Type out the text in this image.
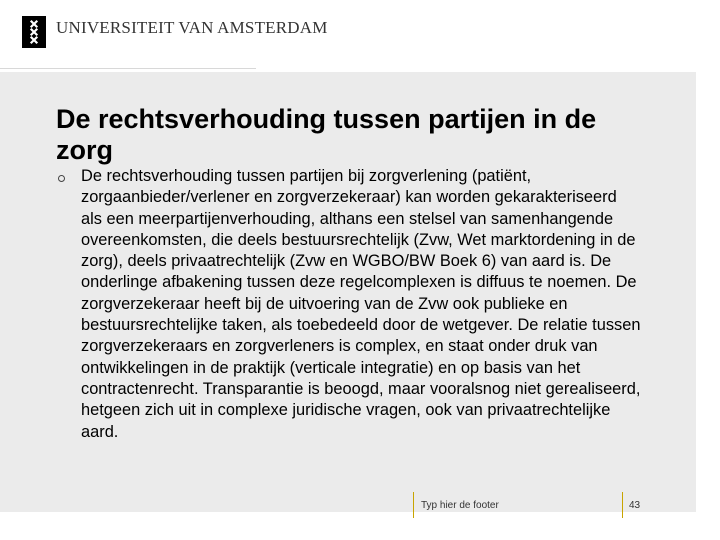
UNIVERSITEIT VAN AMSTERDAM
De rechtsverhouding tussen partijen in de zorg

De rechtsverhouding tussen partijen bij zorgverlening (patiënt, zorgaanbieder/verlener en zorgverzekeraar) kan worden gekarakteriseerd als een meerpartijenverhouding, althans een stelsel van samenhangende overeenkomsten, die deels bestuursrechtelijk (Zvw, Wet marktordening in de zorg), deels privaatrechtelijk (Zvw en WGBO/BW Boek 6) van aard is. De onderlinge afbakening tussen deze regelcomplexen is diffuus te noemen. De zorgverzekeraar heeft bij de uitvoering van de Zvw ook publieke en bestuursrechtelijke taken, als toebedeeld door de wetgever. De relatie tussen zorgverzekeraars en zorgverleners is complex, en staat onder druk van ontwikkelingen in de praktijk (verticale integratie) en op basis van het contractenrecht. Transparantie is beoogd, maar vooralsnog niet gerealiseerd, hetgeen zich uit in complexe juridische vragen, ook van privaatrechtelijke aard.

Typ hier de footer	43
